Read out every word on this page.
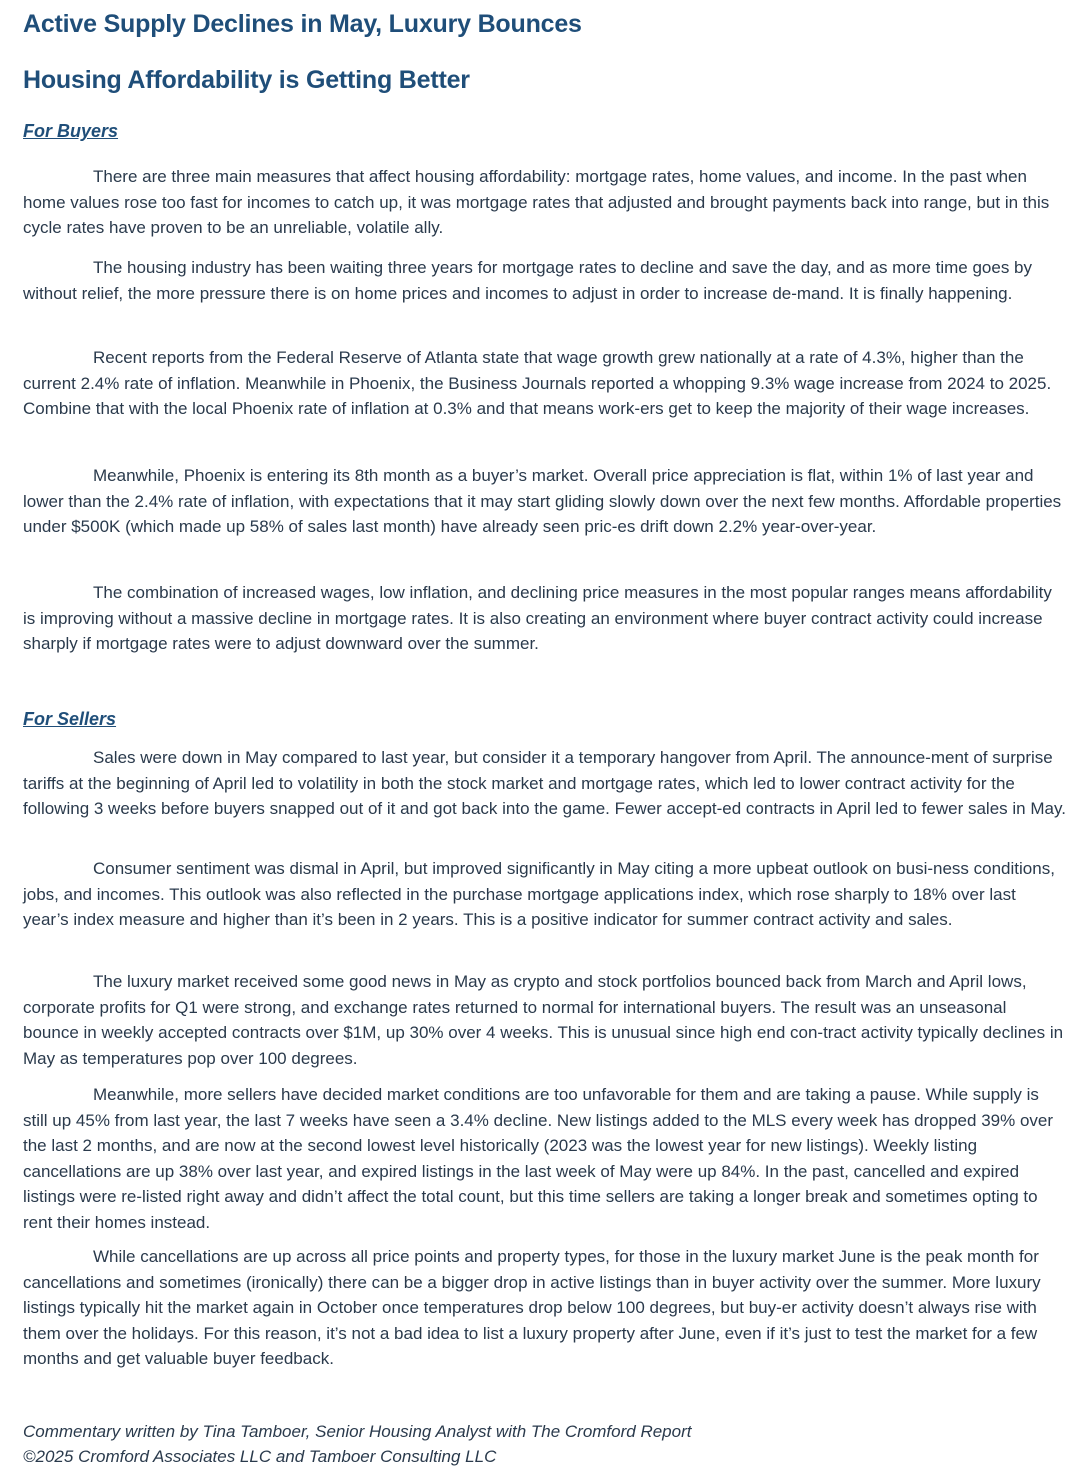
Active Supply Declines in May, Luxury Bounces
Housing Affordability is Getting Better
For Buyers

There are three main measures that affect housing affordability: mortgage rates, home values, and income. In the past when home values rose too fast for incomes to catch up, it was mortgage rates that adjusted and brought payments back into range, but in this cycle rates have proven to be an unreliable, volatile ally.

The housing industry has been waiting three years for mortgage rates to decline and save the day, and as more time goes by without relief, the more pressure there is on home prices and incomes to adjust in order to increase de-mand. It is finally happening.

Recent reports from the Federal Reserve of Atlanta state that wage growth grew nationally at a rate of 4.3%, higher than the current 2.4% rate of inflation. Meanwhile in Phoenix, the Business Journals reported a whopping 9.3% wage increase from 2024 to 2025. Combine that with the local Phoenix rate of inflation at 0.3% and that means work-ers get to keep the majority of their wage increases.

Meanwhile, Phoenix is entering its 8th month as a buyer’s market. Overall price appreciation is flat, within 1% of last year and lower than the 2.4% rate of inflation, with expectations that it may start gliding slowly down over the next few months. Affordable properties under $500K (which made up 58% of sales last month) have already seen pric-es drift down 2.2% year-over-year.

The combination of increased wages, low inflation, and declining price measures in the most popular ranges means affordability is improving without a massive decline in mortgage rates. It is also creating an environment where buyer contract activity could increase sharply if mortgage rates were to adjust downward over the summer.

For Sellers

Sales were down in May compared to last year, but consider it a temporary hangover from April. The announce-ment of surprise tariffs at the beginning of April led to volatility in both the stock market and mortgage rates, which led to lower contract activity for the following 3 weeks before buyers snapped out of it and got back into the game. Fewer accept-ed contracts in April led to fewer sales in May.

Consumer sentiment was dismal in April, but improved significantly in May citing a more upbeat outlook on busi-ness conditions, jobs, and incomes. This outlook was also reflected in the purchase mortgage applications index, which rose sharply to 18% over last year’s index measure and higher than it’s been in 2 years. This is a positive indicator for summer contract activity and sales.

The luxury market received some good news in May as crypto and stock portfolios bounced back from March and April lows, corporate profits for Q1 were strong, and exchange rates returned to normal for international buyers. The result was an unseasonal bounce in weekly accepted contracts over $1M, up 30% over 4 weeks. This is unusual since high end con-tract activity typically declines in May as temperatures pop over 100 degrees.

Meanwhile, more sellers have decided market conditions are too unfavorable for them and are taking a pause. While supply is still up 45% from last year, the last 7 weeks have seen a 3.4% decline. New listings added to the MLS every week has dropped 39% over the last 2 months, and are now at the second lowest level historically (2023 was the lowest year for new listings). Weekly listing cancellations are up 38% over last year, and expired listings in the last week of May were up 84%. In the past, cancelled and expired listings were re-listed right away and didn’t affect the total count, but this time sellers are taking a longer break and sometimes opting to rent their homes instead.

While cancellations are up across all price points and property types, for those in the luxury market June is the peak month for cancellations and sometimes (ironically) there can be a bigger drop in active listings than in buyer activity over the summer. More luxury listings typically hit the market again in October once temperatures drop below 100 degrees, but buy-er activity doesn’t always rise with them over the holidays. For this reason, it’s not a bad idea to list a luxury property after June, even if it’s just to test the market for a few months and get valuable buyer feedback.

Commentary written by Tina Tamboer, Senior Housing Analyst with The Cromford Report

©2025 Cromford Associates LLC and Tamboer Consulting LLC
